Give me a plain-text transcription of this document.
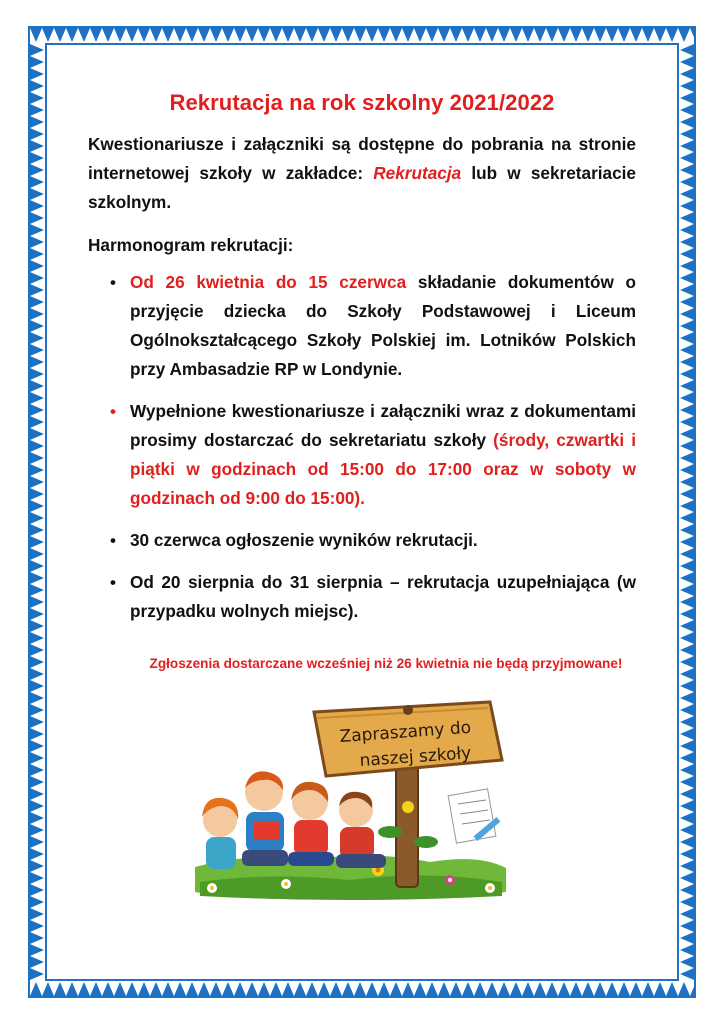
Rekrutacja na rok szkolny 2021/2022

Kwestionariusze i załączniki są dostępne do pobrania na stronie internetowej szkoły w zakładce: Rekrutacja lub w sekretariacie szkolnym.

Harmonogram rekrutacji:

• Od 26 kwietnia do 15 czerwca składanie dokumentów o przyjęcie dziecka do Szkoły Podstawowej i Liceum Ogólnokształcącego Szkoły Polskiej im. Lotników Polskich przy Ambasadzie RP w Londynie.
• Wypełnione kwestionariusze i załączniki wraz z dokumentami prosimy dostarczać do sekretariatu szkoły (środy, czwartki i piątki w godzinach od 15:00 do 17:00 oraz w soboty w godzinach od 9:00 do 15:00).
• 30 czerwca ogłoszenie wyników rekrutacji.
• Od 20 sierpnia do 31 sierpnia – rekrutacja uzupełniająca (w przypadku wolnych miejsc).
Zgłoszenia dostarczane wcześniej niż 26 kwietnia nie będą przyjmowane!
Zapraszamy do
naszej szkoły
